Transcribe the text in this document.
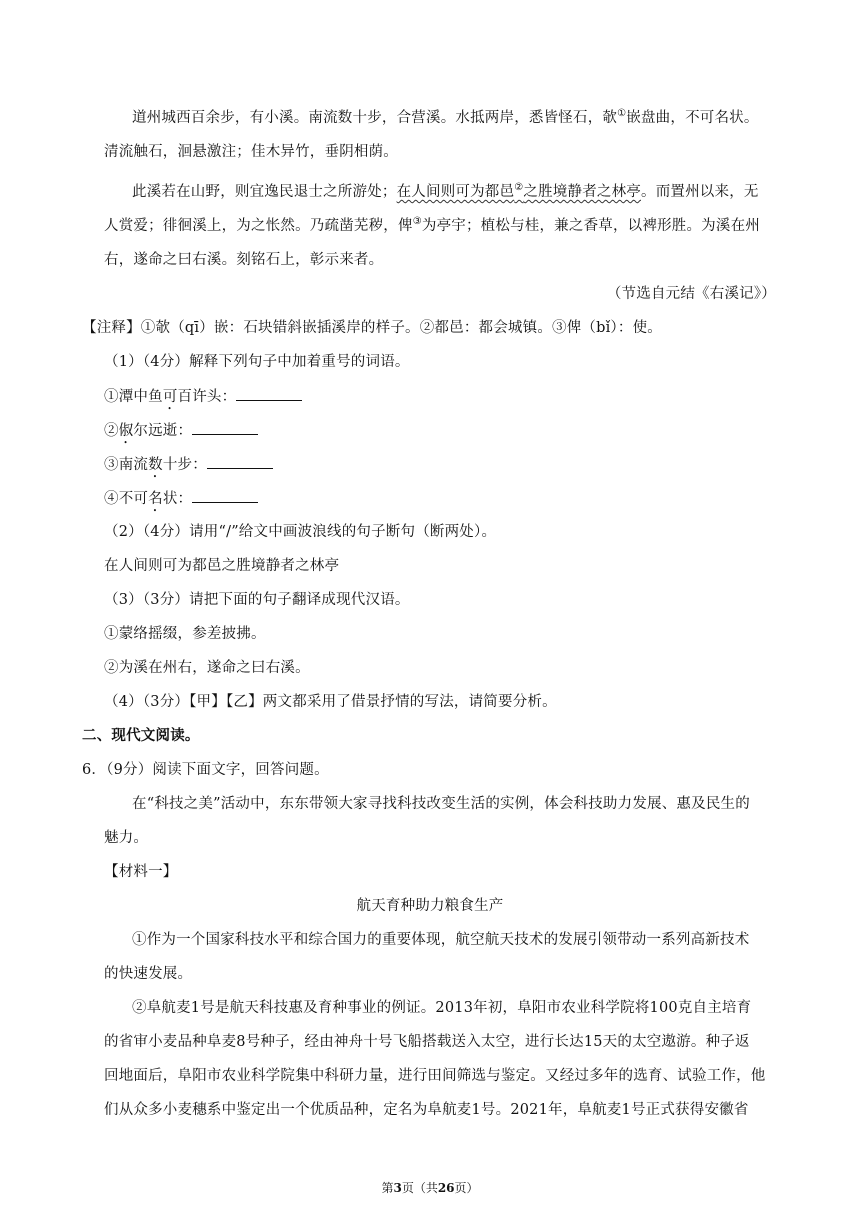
道州城西百余步，有小溪。南流数十步，合营溪。水抵两岸，悉皆怪石，欹①嵌盘曲，不可名状。
清流触石，洄悬激注；佳木异竹，垂阴相荫。
此溪若在山野，则宜逸民退士之所游处；在人间则可为都邑②之胜境静者之林亭。而置州以来，无
人赏爱；徘徊溪上，为之怅然。乃疏凿芜秽，俾③为亭宇；植松与桂，兼之香草，以裨形胜。为溪在州
右，遂命之曰右溪。刻铭石上，彰示来者。
（节选自元结《右溪记》）
【注释】①欹（qī）嵌：石块错斜嵌插溪岸的样子。②都邑：都会城镇。③俾（bǐ）：使。
（1）（4分）解释下列句子中加着重号的词语。
①潭中鱼可百许头：
②俶尔远逝：
③南流数十步：
④不可名状：
（2）（4分）请用“/”给文中画波浪线的句子断句（断两处）。
在人间则可为都邑之胜境静者之林亭
（3）（3分）请把下面的句子翻译成现代汉语。
①蒙络摇缀，参差披拂。
②为溪在州右，遂命之曰右溪。
（4）（3分）【甲】【乙】两文都采用了借景抒情的写法，请简要分析。
二、现代文阅读。
6．（9分）阅读下面文字，回答问题。
在“科技之美”活动中，东东带领大家寻找科技改变生活的实例，体会科技助力发展、惠及民生的
魅力。
【材料一】
航天育种助力粮食生产
①作为一个国家科技水平和综合国力的重要体现，航空航天技术的发展引领带动一系列高新技术
的快速发展。
②阜航麦1号是航天科技惠及育种事业的例证。2013年初，阜阳市农业科学院将100克自主培育
的省审小麦品种阜麦8号种子，经由神舟十号飞船搭载送入太空，进行长达15天的太空遨游。种子返
回地面后，阜阳市农业科学院集中科研力量，进行田间筛选与鉴定。又经过多年的选育、试验工作，他
们从众多小麦穗系中鉴定出一个优质品种，定名为阜航麦1号。2021年，阜航麦1号正式获得安徽省
第3页（共26页）
